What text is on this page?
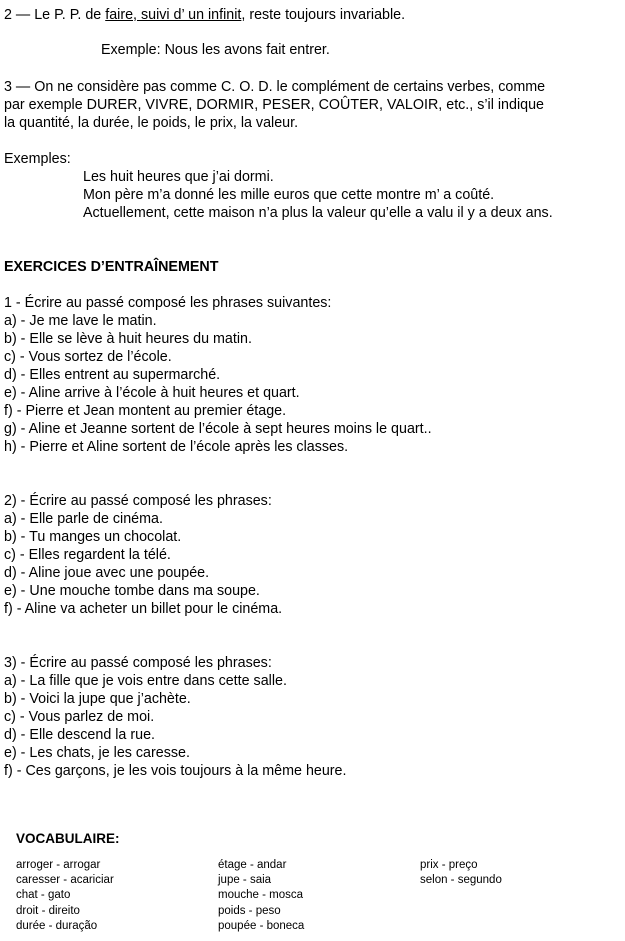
2 — Le P. P. de faire, suivi d’ un infinit, reste toujours invariable.
Exemple: Nous les avons fait entrer.
3 — On ne considère pas comme C. O. D. le complément de certains verbes, comme
par exemple DURER, VIVRE, DORMIR, PESER, COÛTER, VALOIR, etc., s’il indique
la quantité, la durée, le poids, le prix, la valeur.
Exemples:
Les huit heures que j’ai dormi.
Mon père m’a donné les mille euros que cette montre m’ a coûté.
Actuellement, cette maison n’a plus la valeur qu’elle a valu il y a deux ans.
EXERCICES D’ENTRAÎNEMENT
1 - Écrire au passé composé les phrases suivantes:
a) - Je me lave le matin.
b) - Elle se lève à huit heures du matin.
c) - Vous sortez de l’école.
d) - Elles entrent au supermarché.
e) - Aline arrive à l’école à huit heures et quart.
f) - Pierre et Jean montent au premier étage.
g) - Aline et Jeanne sortent de l’école à sept heures moins le quart..
h) - Pierre et Aline sortent de l’école après les classes.
2) - Écrire au passé composé les phrases:
a) - Elle parle de cinéma.
b) - Tu manges un chocolat.
c) - Elles regardent la télé.
d) - Aline joue avec une poupée.
e) - Une mouche tombe dans ma soupe.
f) - Aline va acheter un billet pour le cinéma.
3) - Écrire au passé composé les phrases:
a) - La fille que je vois entre dans cette salle.
b) - Voici la jupe que j’achète.
c) - Vous parlez de moi.
d) - Elle descend la rue.
e) - Les chats, je les caresse.
f) - Ces garçons, je les vois toujours à la même heure.
VOCABULAIRE:
arroger - arrogar
caresser - acariciar
chat - gato
droit - direito
durée - duração
étage - andar
jupe - saia
mouche - mosca
poids - peso
poupée - boneca
prix - preço
selon - segundo
